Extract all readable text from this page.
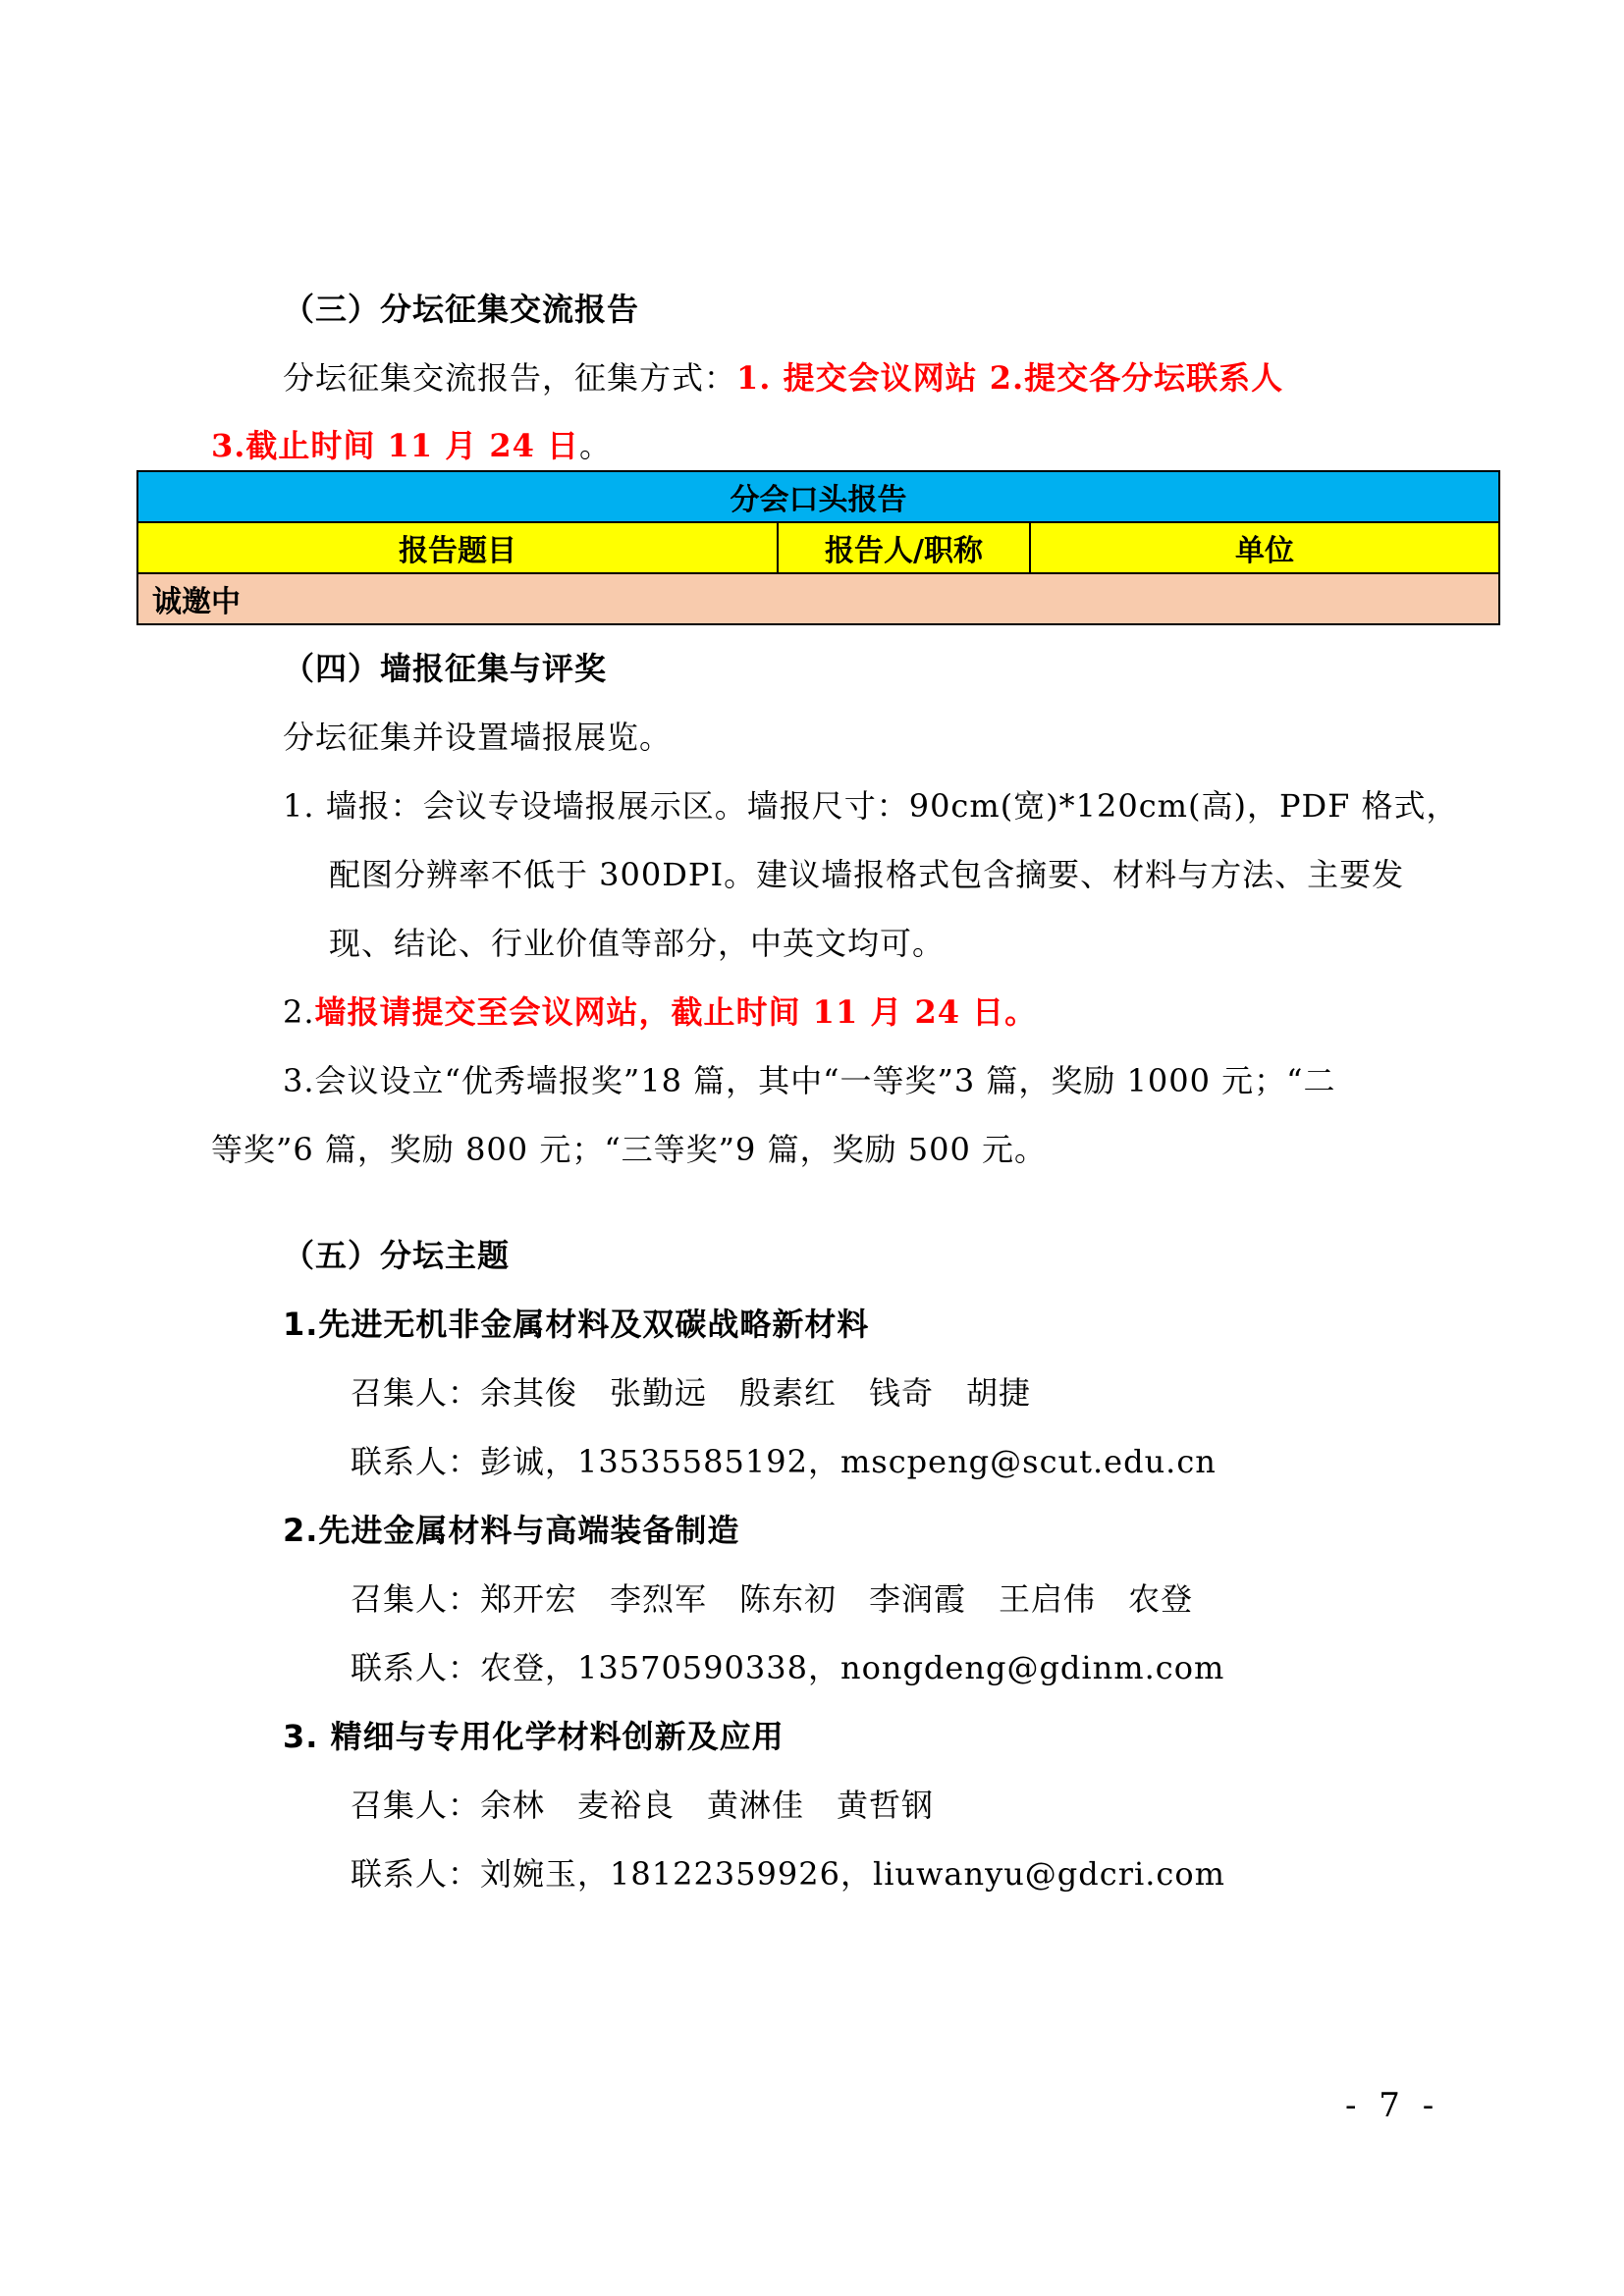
（三）分坛征集交流报告
分坛征集交流报告，征集方式：1. 提交会议网站 2.提交各分坛联系人
3.截止时间 11 月 24 日。
分会口头报告
报告题目	报告人/职称	单位
诚邀中
（四）墙报征集与评奖
分坛征集并设置墙报展览。
1. 墙报：会议专设墙报展示区。墙报尺寸：90cm(宽)*120cm(高)，PDF 格式，
配图分辨率不低于 300DPI。建议墙报格式包含摘要、材料与方法、主要发
现、结论、行业价值等部分，中英文均可。
2.墙报请提交至会议网站，截止时间 11 月 24 日。
3.会议设立“优秀墙报奖”18 篇，其中“一等奖”3 篇，奖励 1000 元；“二
等奖”6 篇，奖励 800 元；“三等奖”9 篇，奖励 500 元。
（五）分坛主题
1.先进无机非金属材料及双碳战略新材料
召集人：余其俊　张勤远　殷素红　钱奇　胡捷
联系人：彭诚，13535585192，mscpeng@scut.edu.cn
2.先进金属材料与高端装备制造
召集人：郑开宏　李烈军　陈东初　李润霞　王启伟　农登
联系人：农登，13570590338，nongdeng@gdinm.com
3. 精细与专用化学材料创新及应用
召集人：余林　麦裕良　黄淋佳　黄哲钢
联系人：刘婉玉，18122359926，liuwanyu@gdcri.com
- 7 -
